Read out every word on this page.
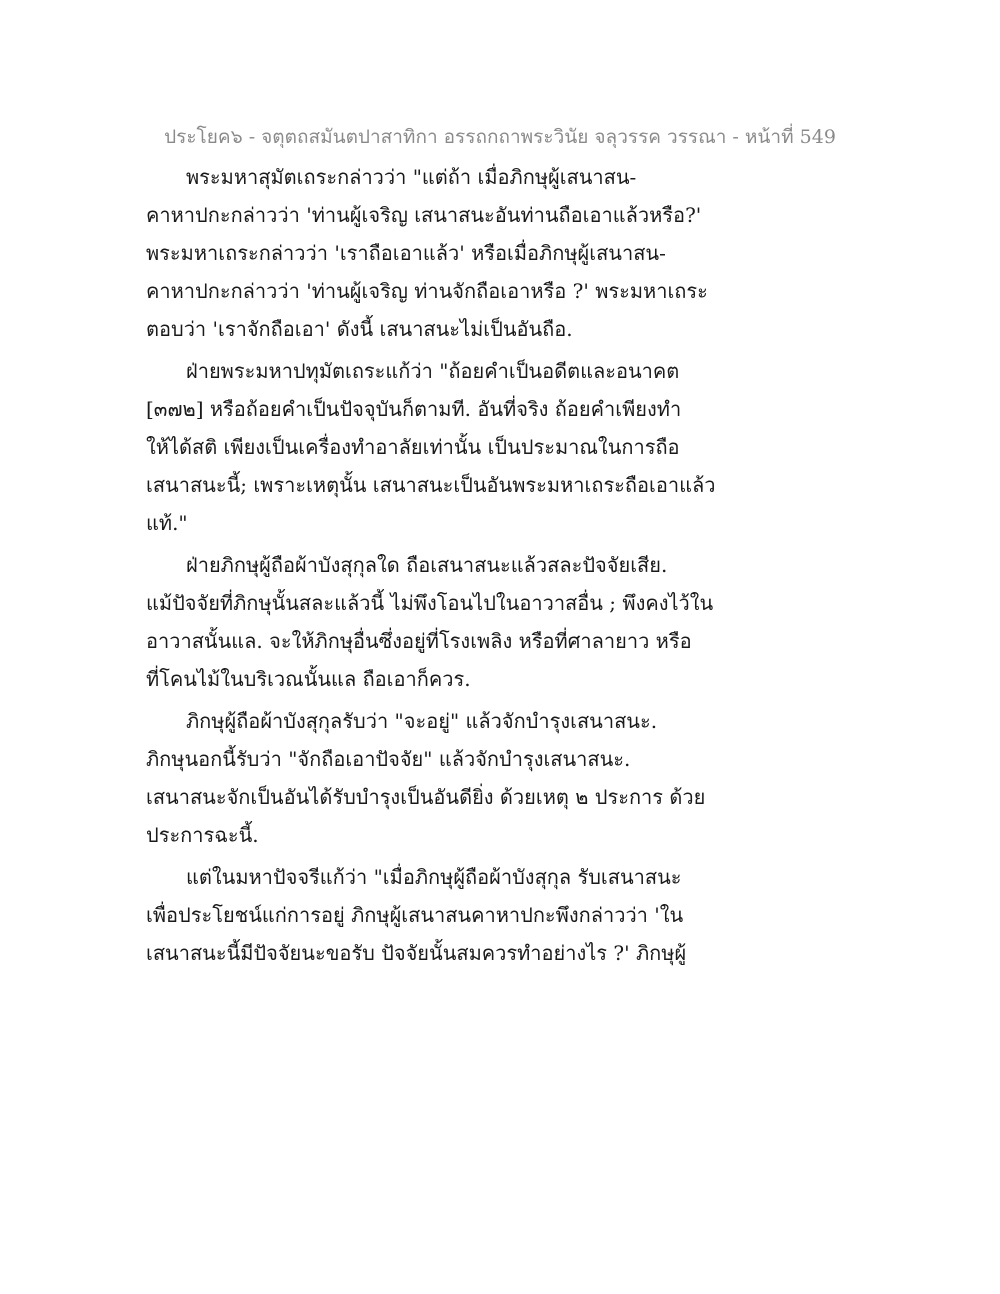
ประโยค๖ - จตุตถสมันตปาสาทิกา อรรถกถาพระวินัย จลุวรรค วรรณา - หน้าที่ 549
พระมหาสุมัตเถระกล่าวว่า "แต่ถ้า เมื่อภิกษุผู้เสนาสน-
คาหาปกะกล่าวว่า 'ท่านผู้เจริญ เสนาสนะอันท่านถือเอาแล้วหรือ?'
พระมหาเถระกล่าวว่า 'เราถือเอาแล้ว' หรือเมื่อภิกษุผู้เสนาสน-
คาหาปกะกล่าวว่า 'ท่านผู้เจริญ ท่านจักถือเอาหรือ ?' พระมหาเถระ
ตอบว่า 'เราจักถือเอา' ดังนี้ เสนาสนะไม่เป็นอันถือ.
ฝ่ายพระมหาปทุมัตเถระแก้ว่า "ถ้อยคำเป็นอดีตและอนาคต
[๓๗๒] หรือถ้อยคำเป็นปัจจุบันก็ตามที. อันที่จริง ถ้อยคำเพียงทำ
ให้ได้สติ เพียงเป็นเครื่องทำอาลัยเท่านั้น เป็นประมาณในการถือ
เสนาสนะนี้; เพราะเหตุนั้น เสนาสนะเป็นอันพระมหาเถระถือเอาแล้ว
แท้."
ฝ่ายภิกษุผู้ถือผ้าบังสุกุลใด ถือเสนาสนะแล้วสละปัจจัยเสีย.
แม้ปัจจัยที่ภิกษุนั้นสละแล้วนี้ ไม่พึงโอนไปในอาวาสอื่น ; พึงคงไว้ใน
อาวาสนั้นแล. จะให้ภิกษุอื่นซึ่งอยู่ที่โรงเพลิง หรือที่ศาลายาว หรือ
ที่โคนไม้ในบริเวณนั้นแล ถือเอาก็ควร.
ภิกษุผู้ถือผ้าบังสุกุลรับว่า "จะอยู่" แล้วจักบำรุงเสนาสนะ.
ภิกษุนอกนี้รับว่า "จักถือเอาปัจจัย" แล้วจักบำรุงเสนาสนะ.
เสนาสนะจักเป็นอันได้รับบำรุงเป็นอันดียิ่ง ด้วยเหตุ ๒ ประการ ด้วย
ประการฉะนี้.
แต่ในมหาปัจจรีแก้ว่า "เมื่อภิกษุผู้ถือผ้าบังสุกุล รับเสนาสนะ
เพื่อประโยชน์แก่การอยู่ ภิกษุผู้เสนาสนคาหาปกะพึงกล่าวว่า 'ใน
เสนาสนะนี้มีปัจจัยนะขอรับ ปัจจัยนั้นสมควรทำอย่างไร ?' ภิกษุผู้
